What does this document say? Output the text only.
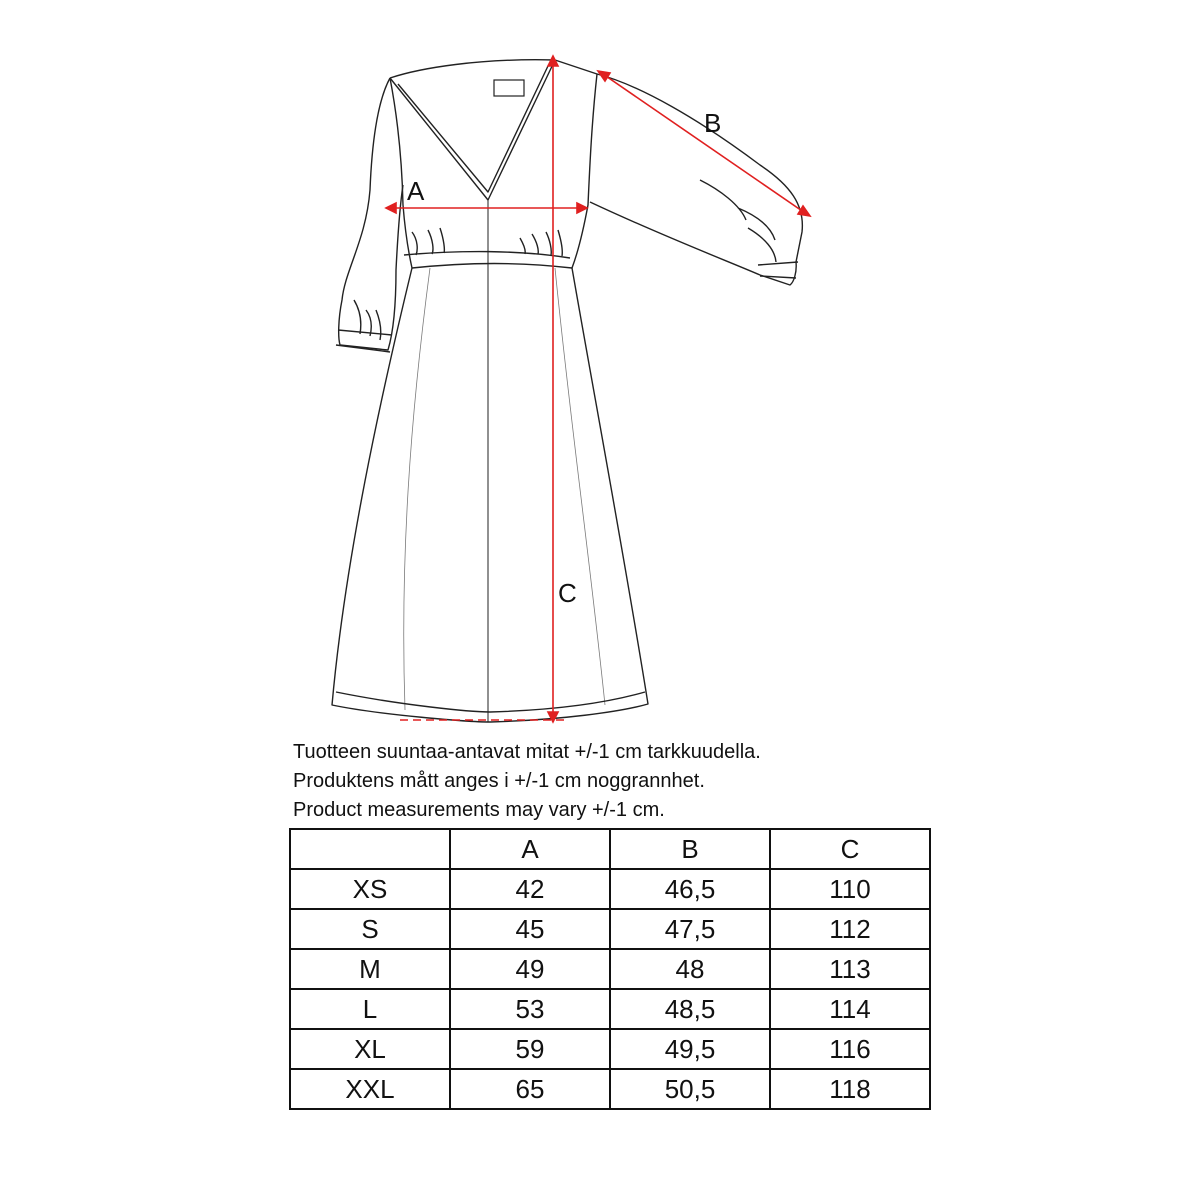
A
B
C
Tuotteen suuntaa-antavat mitat +/-1 cm tarkkuudella.
Produktens mått anges i +/-1 cm noggrannhet.
Product measurements may vary +/-1 cm.
	A	B	C
XS	42	46,5	110
S	45	47,5	112
M	49	48	113
L	53	48,5	114
XL	59	49,5	116
XXL	65	50,5	118
